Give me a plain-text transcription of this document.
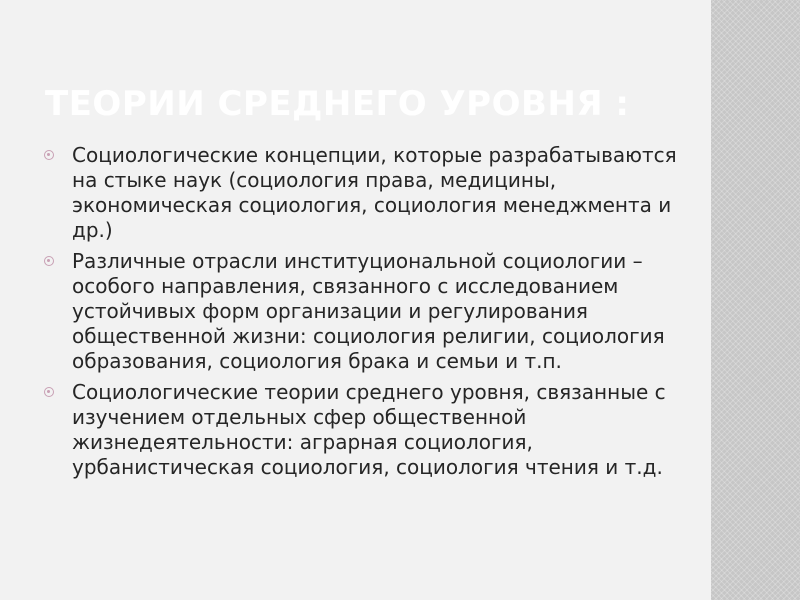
ТЕОРИИ СРЕДНЕГО УРОВНЯ :
Социологические концепции, которые разрабатываются на стыке наук (социология права, медицины, экономическая социология, социология менеджмента и др.)
Различные отрасли институциональной социологии – особого направления, связанного с исследованием устойчивых форм организации и регулирования общественной жизни: социология религии, социология образования, социология брака и семьи и т.п.
Социологические теории среднего уровня, связанные с изучением отдельных сфер общественной жизнедеятельности: аграрная социология, урбанистическая социология, социология чтения и т.д.
